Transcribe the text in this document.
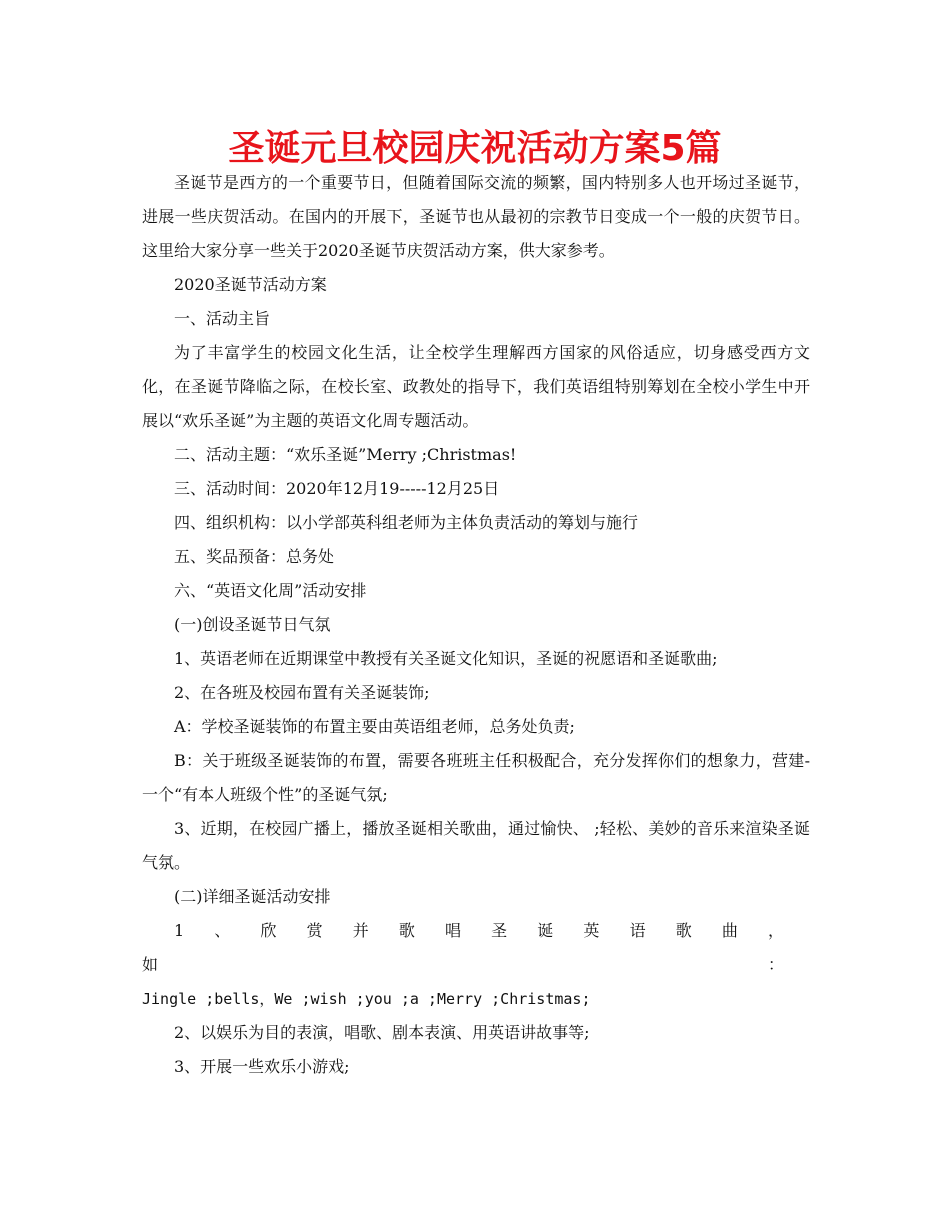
圣诞元旦校园庆祝活动方案5篇

圣诞节是西方的一个重要节日，但随着国际交流的频繁，国内特别多人也开场过圣诞节，进展一些庆贺活动。在国内的开展下，圣诞节也从最初的宗教节日变成一个一般的庆贺节日。这里给大家分享一些关于2020圣诞节庆贺活动方案，供大家参考。

2020圣诞节活动方案

一、活动主旨

为了丰富学生的校园文化生活，让全校学生理解西方国家的风俗适应，切身感受西方文化，在圣诞节降临之际，在校长室、政教处的指导下，我们英语组特别筹划在全校小学生中开展以“欢乐圣诞”为主题的英语文化周专题活动。

二、活动主题：“欢乐圣诞”Merry ;Christmas!

三、活动时间：2020年12月19-----12月25日

四、组织机构：以小学部英科组老师为主体负责活动的筹划与施行

五、奖品预备：总务处

六、“英语文化周”活动安排

(一)创设圣诞节日气氛

1、英语老师在近期课堂中教授有关圣诞文化知识，圣诞的祝愿语和圣诞歌曲;

2、在各班及校园布置有关圣诞装饰;

A：学校圣诞装饰的布置主要由英语组老师，总务处负责;

B：关于班级圣诞装饰的布置，需要各班班主任积极配合，充分发挥你们的想象力，营建-一个“有本人班级个性”的圣诞气氛;

3、近期，在校园广播上，播放圣诞相关歌曲，通过愉快、 ;轻松、美妙的音乐来渲染圣诞气氛。

(二)详细圣诞活动安排

1、欣赏并歌唱圣诞英语歌曲，如：

Jingle ;bells，We ;wish ;you ;a ;Merry ;Christmas;

2、以娱乐为目的表演，唱歌、剧本表演、用英语讲故事等;

3、开展一些欢乐小游戏;
